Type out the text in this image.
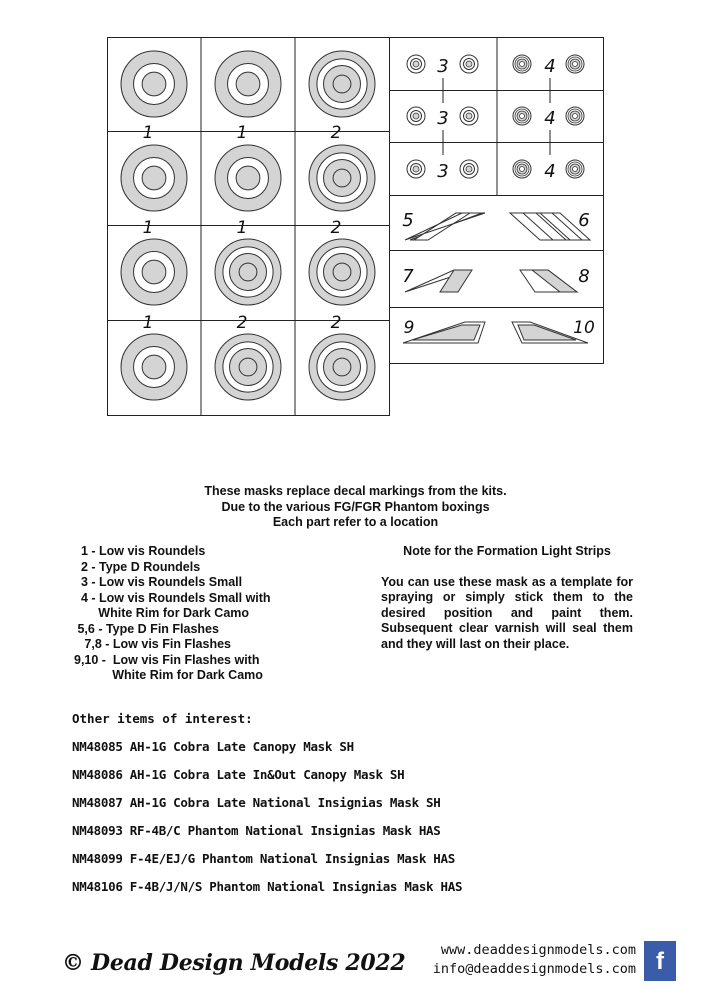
1	1	2
1	1	2
1	2	2
3	4
3	4
3	4
5	6
7	8
9	10
These masks replace decal markings from the kits.
Due to the various FG/FGR Phantom boxings
Each part refer to a location
1 - Low vis Roundels
2 - Type D Roundels
3 - Low vis Roundels Small
4 - Low vis Roundels Small with
White Rim for Dark Camo
5,6 - Type D Fin Flashes
7,8 - Low vis Fin Flashes
9,10 -  Low vis Fin Flashes with
White Rim for Dark Camo
Note for the Formation Light Strips
You can use these mask as a template for spraying or simply stick them to the desired position and paint them. Subsequent clear varnish will seal them and they will last on their place.
Other items of interest:
NM48085 AH-1G Cobra Late Canopy Mask SH
NM48086 AH-1G Cobra Late In&Out Canopy Mask SH
NM48087 AH-1G Cobra Late National Insignias Mask SH
NM48093 RF-4B/C Phantom National Insignias Mask HAS
NM48099 F-4E/EJ/G Phantom National Insignias Mask HAS
NM48106 F-4B/J/N/S Phantom National Insignias Mask HAS
© Dead Design Models 2022	www.deaddesignmodels.com
info@deaddesignmodels.com f
